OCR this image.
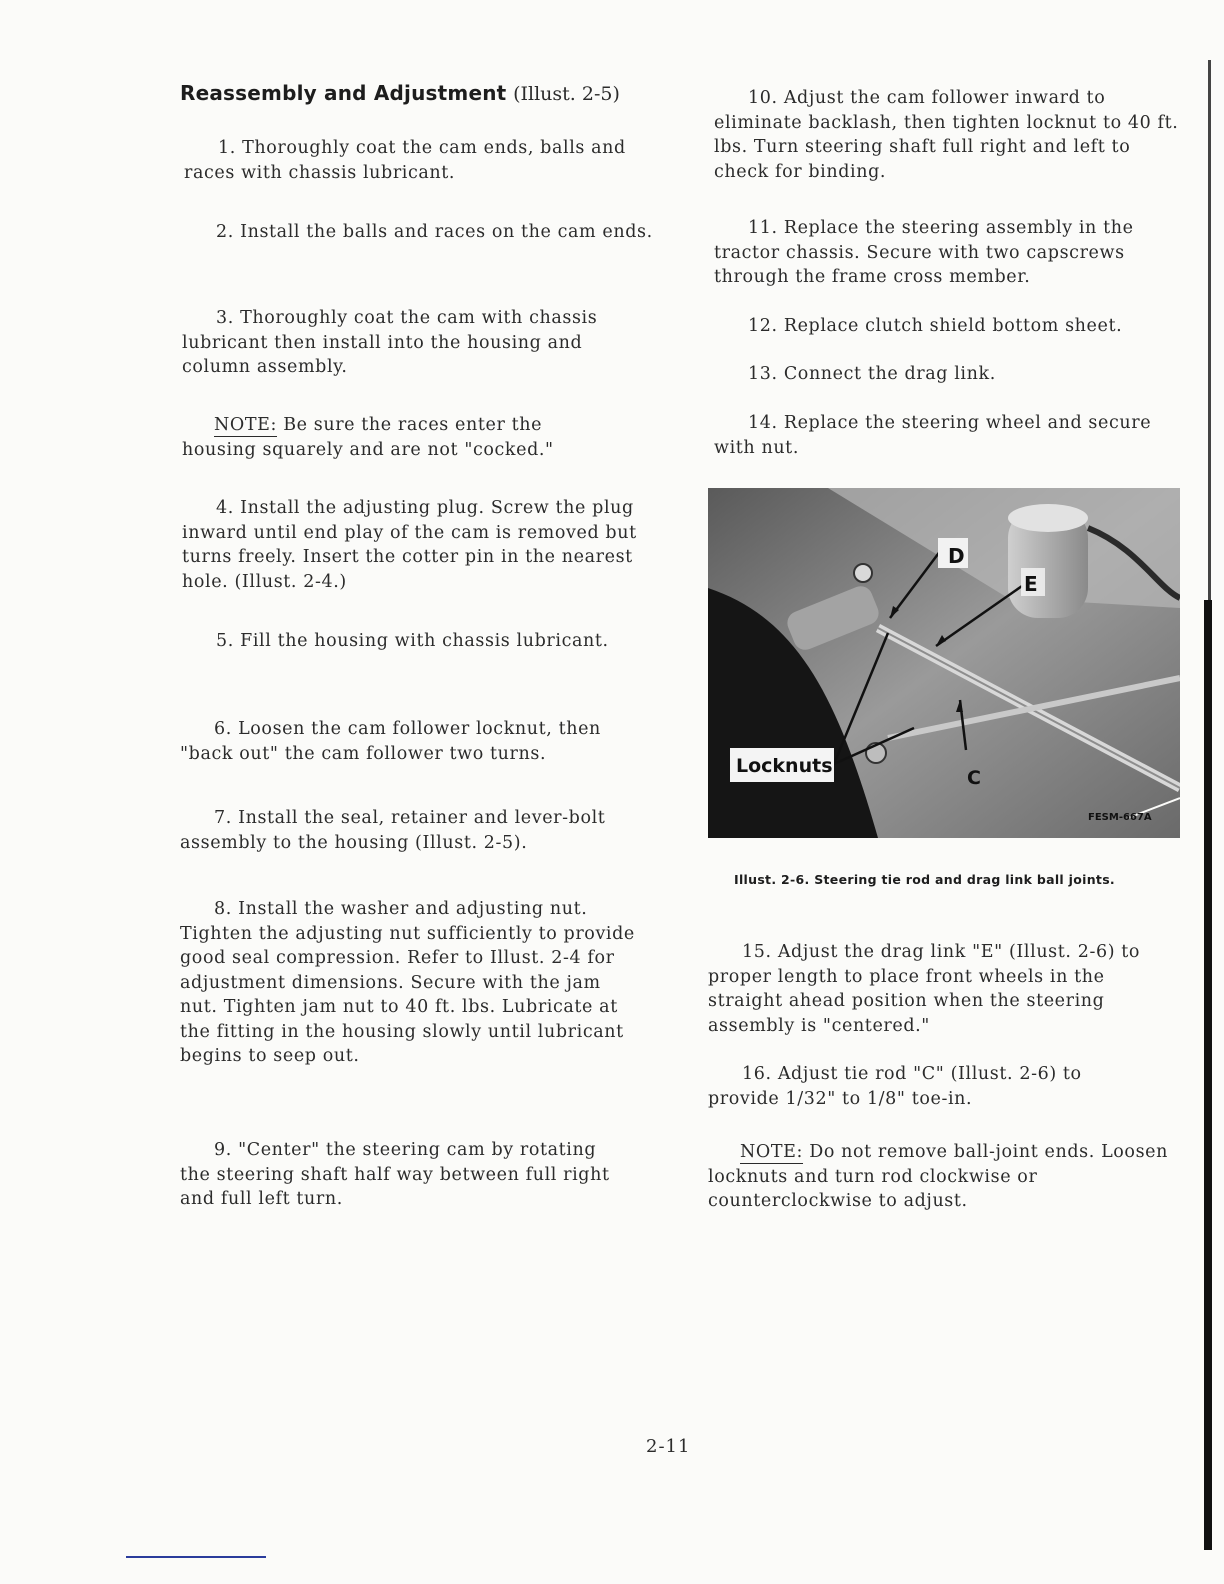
Reassembly and Adjustment (Illust. 2-5)

1. Thoroughly coat the cam ends, balls and races with chassis lubricant.

2. Install the balls and races on the cam ends.

3. Thoroughly coat the cam with chassis lubricant then install into the housing and column assembly.

NOTE: Be sure the races enter the housing squarely and are not "cocked."

4. Install the adjusting plug. Screw the plug inward until end play of the cam is removed but turns freely. Insert the cotter pin in the nearest hole. (Illust. 2-4.)

5. Fill the housing with chassis lubricant.

6. Loosen the cam follower locknut, then "back out" the cam follower two turns.

7. Install the seal, retainer and lever-bolt assembly to the housing (Illust. 2-5).

8. Install the washer and adjusting nut. Tighten the adjusting nut sufficiently to provide good seal compression. Refer to Illust. 2-4 for adjustment dimensions. Secure with the jam nut. Tighten jam nut to 40 ft. lbs. Lubricate at the fitting in the housing slowly until lubricant begins to seep out.

9. "Center" the steering cam by rotating the steering shaft half way between full right and full left turn.

10. Adjust the cam follower inward to eliminate backlash, then tighten locknut to 40 ft. lbs. Turn steering shaft full right and left to check for binding.

11. Replace the steering assembly in the tractor chassis. Secure with two capscrews through the frame cross member.

12. Replace clutch shield bottom sheet.

13. Connect the drag link.

14. Replace the steering wheel and secure with nut.

D
E
Locknuts
C
FESM-667A
Illust. 2-6. Steering tie rod and drag link ball joints.

15. Adjust the drag link "E" (Illust. 2-6) to proper length to place front wheels in the straight ahead position when the steering assembly is "centered."

16. Adjust tie rod "C" (Illust. 2-6) to provide 1/32" to 1/8" toe-in.

NOTE: Do not remove ball-joint ends. Loosen locknuts and turn rod clockwise or counterclockwise to adjust.

2-11
